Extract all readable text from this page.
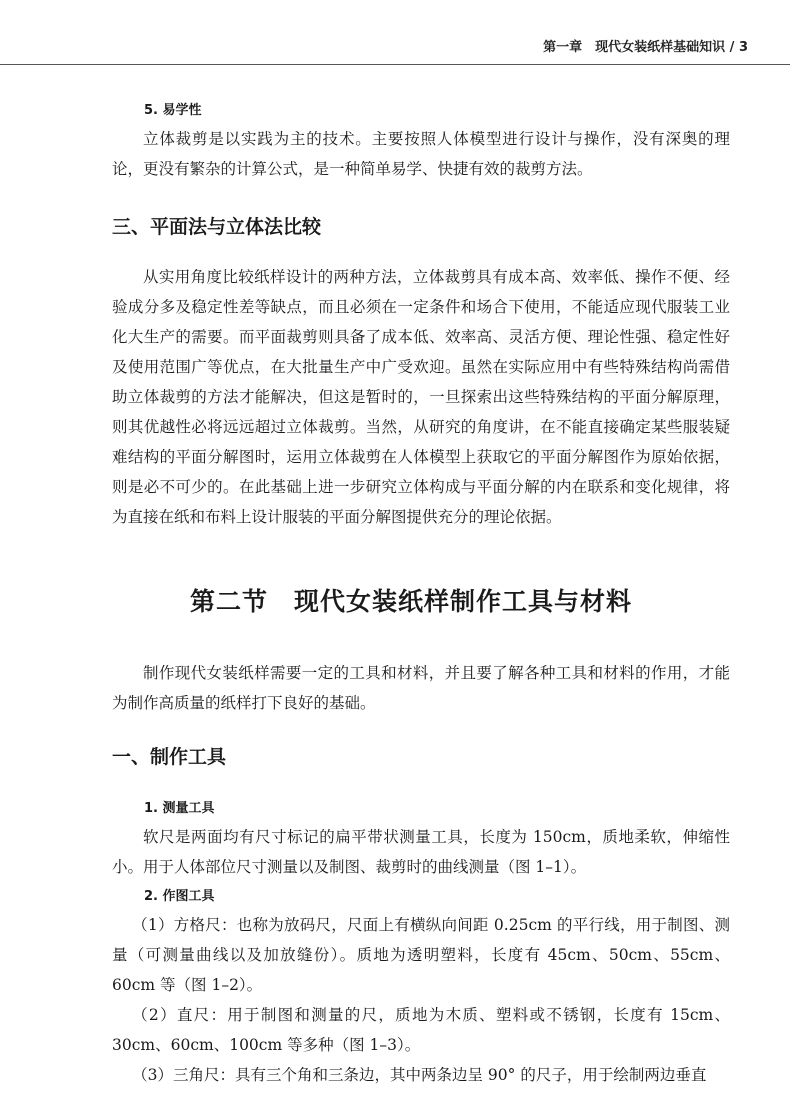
第一章　现代女装纸样基础知识 / 3
5. 易学性

立体裁剪是以实践为主的技术。主要按照人体模型进行设计与操作，没有深奥的理论，更没有繁杂的计算公式，是一种简单易学、快捷有效的裁剪方法。

三、平面法与立体法比较

从实用角度比较纸样设计的两种方法，立体裁剪具有成本高、效率低、操作不便、经验成分多及稳定性差等缺点，而且必须在一定条件和场合下使用，不能适应现代服装工业化大生产的需要。而平面裁剪则具备了成本低、效率高、灵活方便、理论性强、稳定性好及使用范围广等优点，在大批量生产中广受欢迎。虽然在实际应用中有些特殊结构尚需借助立体裁剪的方法才能解决，但这是暂时的，一旦探索出这些特殊结构的平面分解原理，则其优越性必将远远超过立体裁剪。当然，从研究的角度讲，在不能直接确定某些服装疑难结构的平面分解图时，运用立体裁剪在人体模型上获取它的平面分解图作为原始依据，则是必不可少的。在此基础上进一步研究立体构成与平面分解的内在联系和变化规律，将为直接在纸和布料上设计服装的平面分解图提供充分的理论依据。

第二节　现代女装纸样制作工具与材料

制作现代女装纸样需要一定的工具和材料，并且要了解各种工具和材料的作用，才能为制作高质量的纸样打下良好的基础。

一、制作工具
1. 测量工具

软尺是两面均有尺寸标记的扁平带状测量工具，长度为 150cm，质地柔软，伸缩性小。用于人体部位尺寸测量以及制图、裁剪时的曲线测量（图 1–1）。

2. 作图工具

（1）方格尺：也称为放码尺，尺面上有横纵向间距 0.25cm 的平行线，用于制图、测量（可测量曲线以及加放缝份）。质地为透明塑料，长度有 45cm、50cm、55cm、60cm 等（图 1–2）。

（2）直尺：用于制图和测量的尺，质地为木质、塑料或不锈钢，长度有 15cm、30cm、60cm、100cm 等多种（图 1–3）。

（3）三角尺：具有三个角和三条边，其中两条边呈 90° 的尺子，用于绘制两边垂直
